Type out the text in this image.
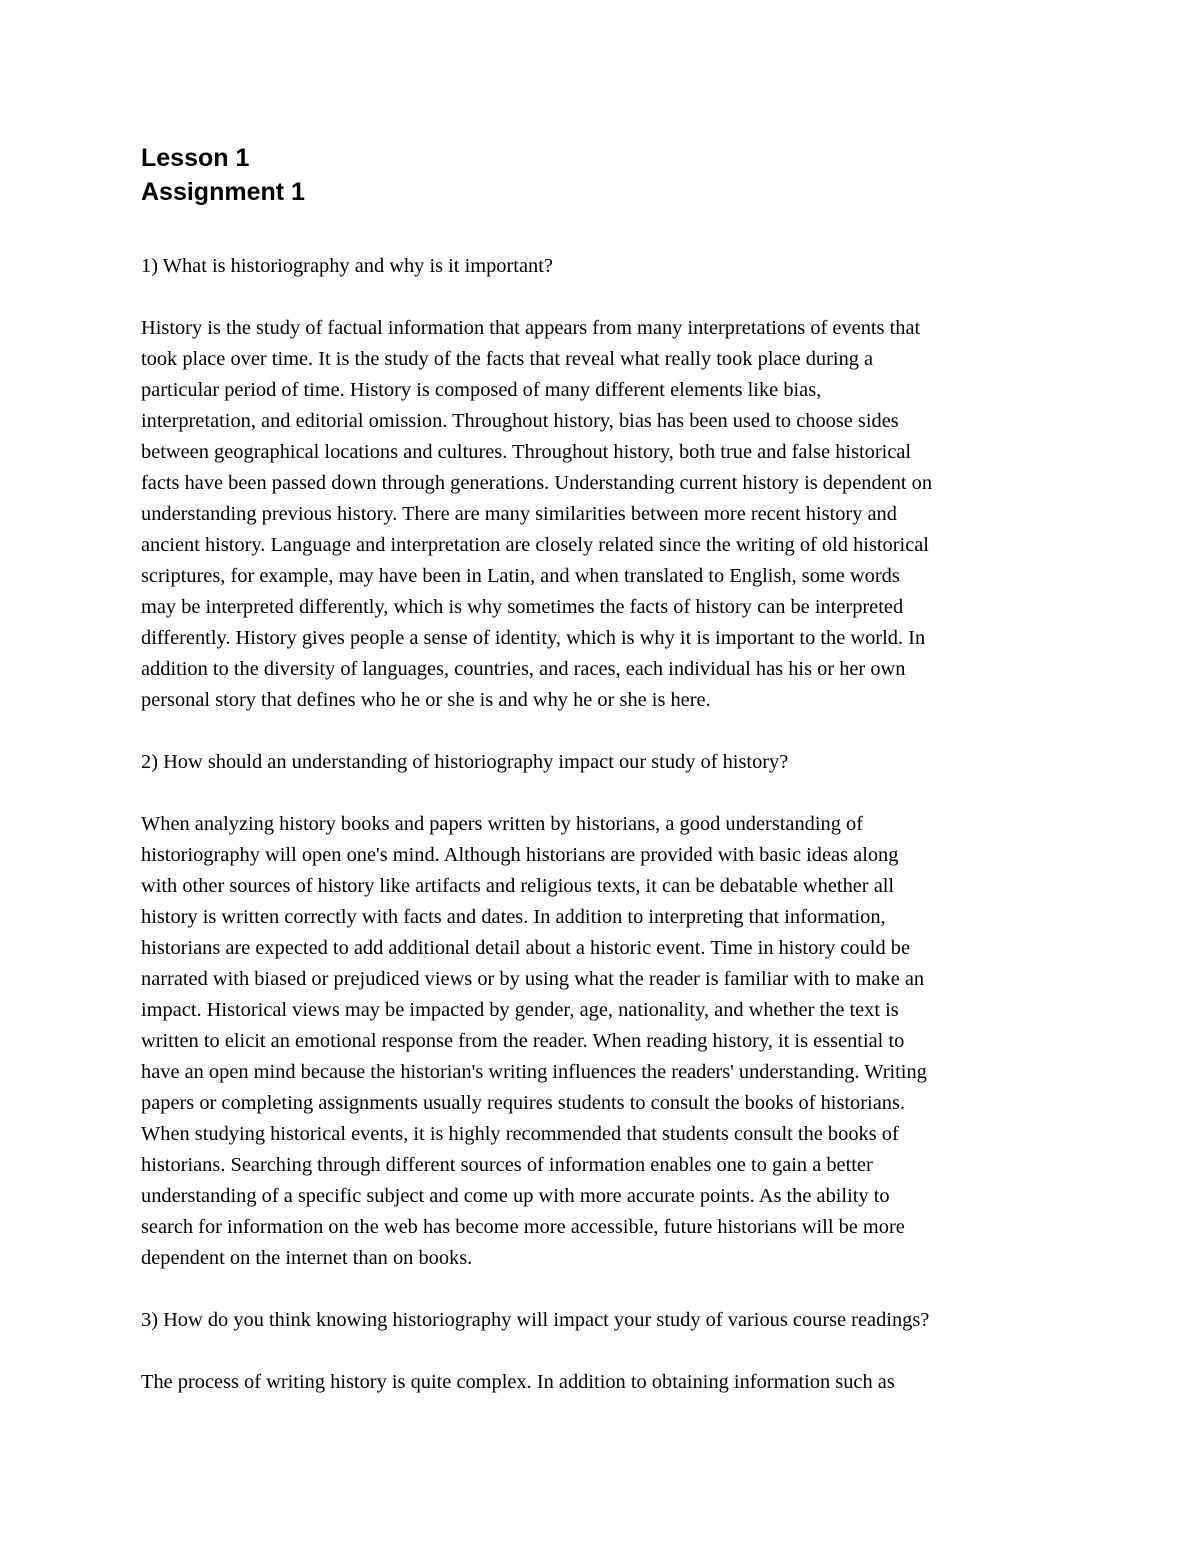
Lesson 1

Assignment 1

1) What is historiography and why is it important?

History is the study of factual information that appears from many interpretations of events that
took place over time. It is the study of the facts that reveal what really took place during a
particular period of time. History is composed of many different elements like bias,
interpretation, and editorial omission. Throughout history, bias has been used to choose sides
between geographical locations and cultures. Throughout history, both true and false historical
facts have been passed down through generations. Understanding current history is dependent on
understanding previous history. There are many similarities between more recent history and
ancient history. Language and interpretation are closely related since the writing of old historical
scriptures, for example, may have been in Latin, and when translated to English, some words
may be interpreted differently, which is why sometimes the facts of history can be interpreted
differently. History gives people a sense of identity, which is why it is important to the world. In
addition to the diversity of languages, countries, and races, each individual has his or her own
personal story that defines who he or she is and why he or she is here.

2) How should an understanding of historiography impact our study of history?

When analyzing history books and papers written by historians, a good understanding of
historiography will open one's mind. Although historians are provided with basic ideas along
with other sources of history like artifacts and religious texts, it can be debatable whether all
history is written correctly with facts and dates. In addition to interpreting that information,
historians are expected to add additional detail about a historic event. Time in history could be
narrated with biased or prejudiced views or by using what the reader is familiar with to make an
impact. Historical views may be impacted by gender, age, nationality, and whether the text is
written to elicit an emotional response from the reader. When reading history, it is essential to
have an open mind because the historian's writing influences the readers' understanding. Writing
papers or completing assignments usually requires students to consult the books of historians.
When studying historical events, it is highly recommended that students consult the books of
historians. Searching through different sources of information enables one to gain a better
understanding of a specific subject and come up with more accurate points. As the ability to
search for information on the web has become more accessible, future historians will be more
dependent on the internet than on books.

3) How do you think knowing historiography will impact your study of various course readings?

The process of writing history is quite complex. In addition to obtaining information such as
